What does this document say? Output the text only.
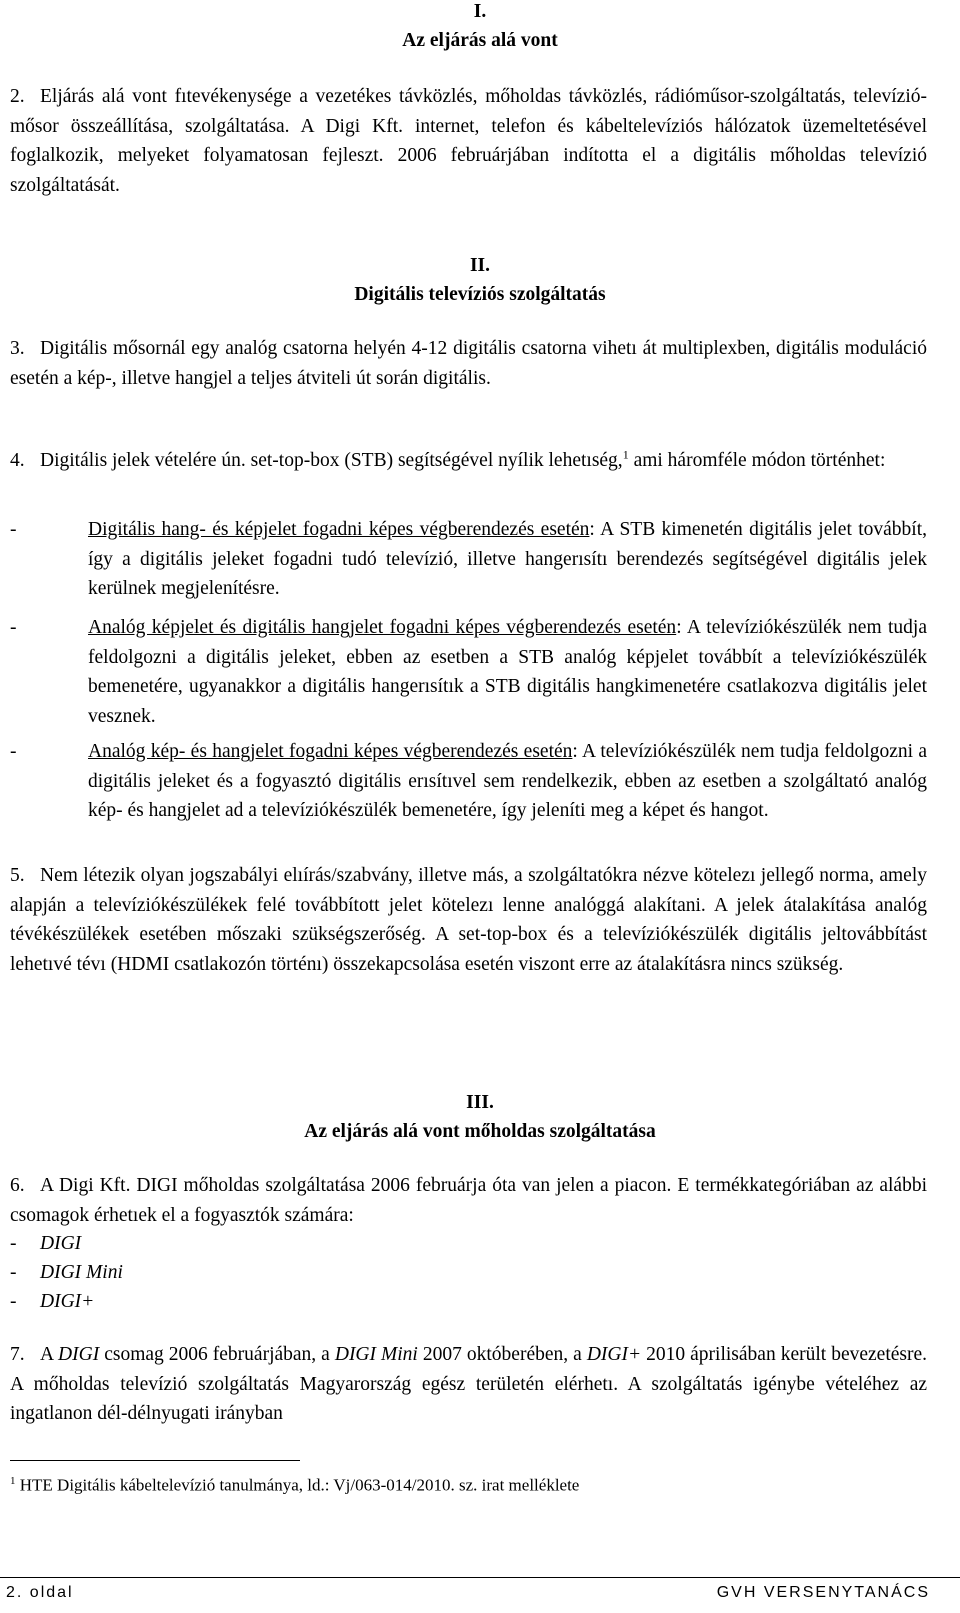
I.
Az eljárás alá vont
2. Eljárás alá vont fıtevékenysége a vezetékes távközlés, mőholdas távközlés, rádióműsor-szolgáltatás, televízió-mősor összeállítása, szolgáltatása. A Digi Kft. internet, telefon és kábeltelevíziós hálózatok üzemeltetésével foglalkozik, melyeket folyamatosan fejleszt. 2006 februárjában indította el a digitális mőholdas televízió szolgáltatását.
II.
Digitális televíziós szolgáltatás
3. Digitális mősornál egy analóg csatorna helyén 4-12 digitális csatorna vihetı át multiplexben, digitális moduláció esetén a kép-, illetve hangjel a teljes átviteli út során digitális.
4. Digitális jelek vételére ún. set-top-box (STB) segítségével nyílik lehetıség,$^1$ ami háromféle módon történhet:
-	Digitális hang- és képjelet fogadni képes végberendezés esetén: A STB kimenetén digitális jelet továbbít, így a digitális jeleket fogadni tudó televízió, illetve hangerısítı berendezés segítségével digitális jelek kerülnek megjelenítésre.
-	Analóg képjelet és digitális hangjelet fogadni képes végberendezés esetén: A televíziókészülék nem tudja feldolgozni a digitális jeleket, ebben az esetben a STB analóg képjelet továbbít a televíziókészülék bemenetére, ugyanakkor a digitális hangerısítık a STB digitális hangkimenetére csatlakozva digitális jelet vesznek.
-	Analóg kép- és hangjelet fogadni képes végberendezés esetén: A televíziókészülék nem tudja feldolgozni a digitális jeleket és a fogyasztó digitális erısítıvel sem rendelkezik, ebben az esetben a szolgáltató analóg kép- és hangjelet ad a televíziókészülék bemenetére, így jeleníti meg a képet és hangot.
5. Nem létezik olyan jogszabályi elıírás/szabvány, illetve más, a szolgáltatókra nézve kötelezı jellegő norma, amely alapján a televíziókészülékek felé továbbított jelet kötelezı lenne analóggá alakítani. A jelek átalakítása analóg tévékészülékek esetében mőszaki szükségszerőség. A set-top-box és a televíziókészülék digitális jeltovábbítást lehetıvé tévı (HDMI csatlakozón történı) összekapcsolása esetén viszont erre az átalakításra nincs szükség.
III.
Az eljárás alá vont mőholdas szolgáltatása
6. A Digi Kft. DIGI mőholdas szolgáltatása 2006 februárja óta van jelen a piacon. E termékkategóriában az alábbi csomagok érhetıek el a fogyasztók számára:
- DIGI
- DIGI Mini
- DIGI+
7. A DIGI csomag 2006 februárjában, a DIGI Mini 2007 októberében, a DIGI+ 2010 áprilisában került bevezetésre. A mőholdas televízió szolgáltatás Magyarország egész területén elérhetı. A szolgáltatás igénybe vételéhez az ingatlanon dél-délnyugati irányban
$^1$ HTE Digitális kábeltelevízió tanulmánya, ld.: Vj/063-014/2010. sz. irat melléklete
2. oldal	GVH VERSENYTANÁCS
